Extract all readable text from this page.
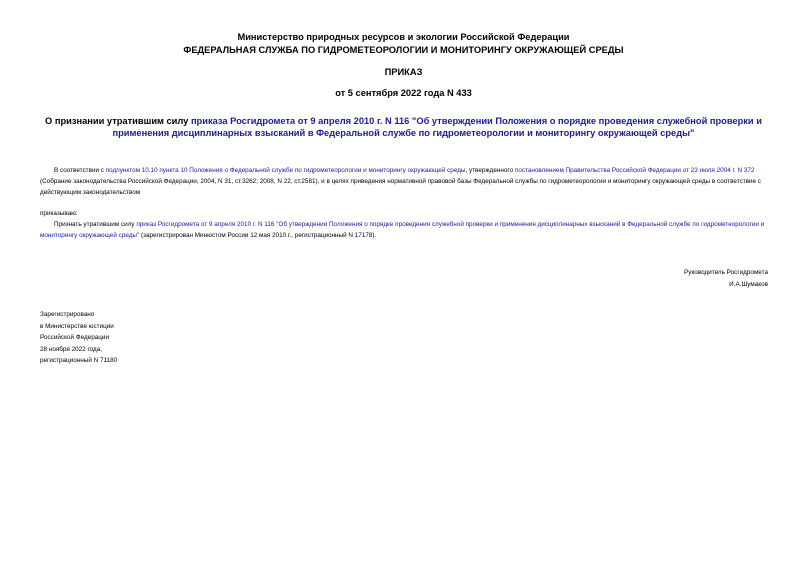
Министерство природных ресурсов и экологии Российской Федерации
ФЕДЕРАЛЬНАЯ СЛУЖБА ПО ГИДРОМЕТЕОРОЛОГИИ И МОНИТОРИНГУ ОКРУЖАЮЩЕЙ СРЕДЫ
ПРИКАЗ
от 5 сентября 2022 года N 433
О признании утратившим силу приказа Росгидромета от 9 апреля 2010 г. N 116 "Об утверждении Положения о порядке проведения служебной проверки и применения дисциплинарных взысканий в Федеральной службе по гидрометеорологии и мониторингу окружающей среды"
В соответствии с подпунктом 10.10 пункта 10 Положения о Федеральной службе по гидрометеорологии и мониторингу окружающей среды, утвержденного постановлением Правительства Российской Федерации от 23 июля 2004 г. N 372 (Собрание законодательства Российской Федерации, 2004, N 31, ст.3262; 2008, N 22, ст.2581), и в целях приведения нормативной правовой базы Федеральной службы по гидрометеорологии и мониторингу окружающей среды в соответствие с действующим законодательством
приказываю:
Признать утратившим силу приказ Росгидромета от 9 апреля 2010 г. N 116 "Об утверждении Положения о порядке проведения служебной проверки и применения дисциплинарных взысканий в Федеральной службе по гидрометеорологии и мониторингу окружающей среды" (зарегистрирован Минюстом России 12 мая 2010 г., регистрационный N 17178).
Руководитель Росгидромета
И.А.Шумаков
Зарегистрировано
в Министерстве юстиции
Российской Федерации
28 ноября 2022 года,
регистрационный N 71180
